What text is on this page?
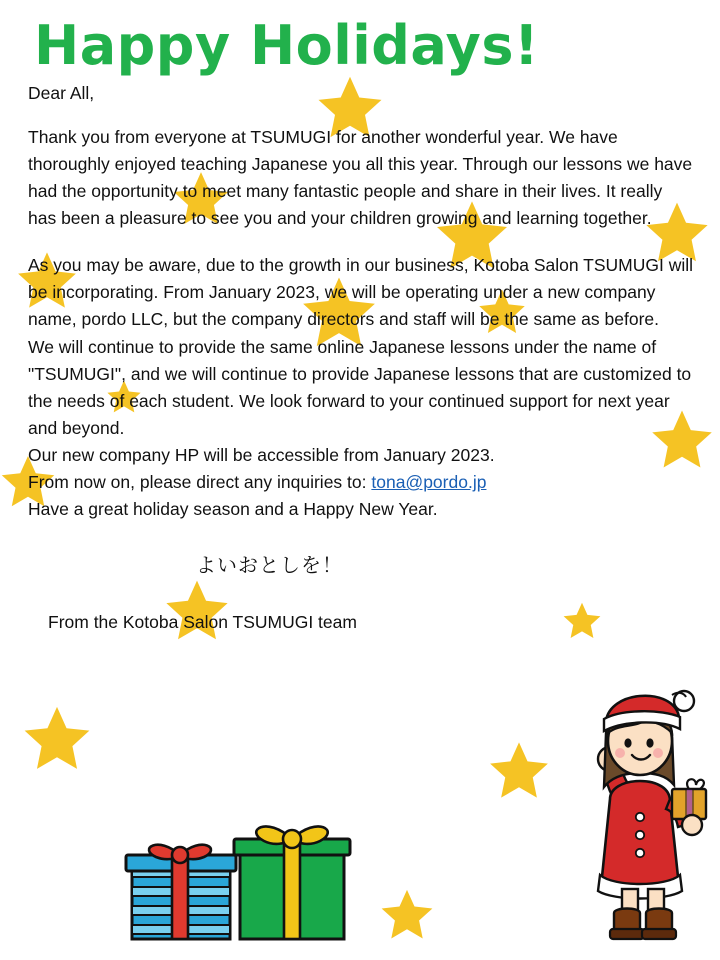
Happy Holidays!
Dear All,

Thank you from everyone at TSUMUGI for another wonderful year. We have thoroughly enjoyed teaching Japanese you all this year. Through our lessons we have had the opportunity to meet many fantastic people and share in their lives. It really has been a pleasure to see you and your children growing and learning together.

As you may be aware, due to the growth in our business, Kotoba Salon TSUMUGI will be incorporating. From January 2023, we will be operating under a new company name, pordo LLC, but the company directors and staff will be the same as before.

We will continue to provide the same online Japanese lessons under the name of "TSUMUGI", and we will continue to provide Japanese lessons that are customized to the needs of each student. We look forward to your continued support for next year and beyond.

Our new company HP will be accessible from January 2023.

From now on, please direct any inquiries to: tona@pordo.jp
Have a great holiday season and a Happy New Year.
よいおとしを！
From the Kotoba Salon TSUMUGI team
